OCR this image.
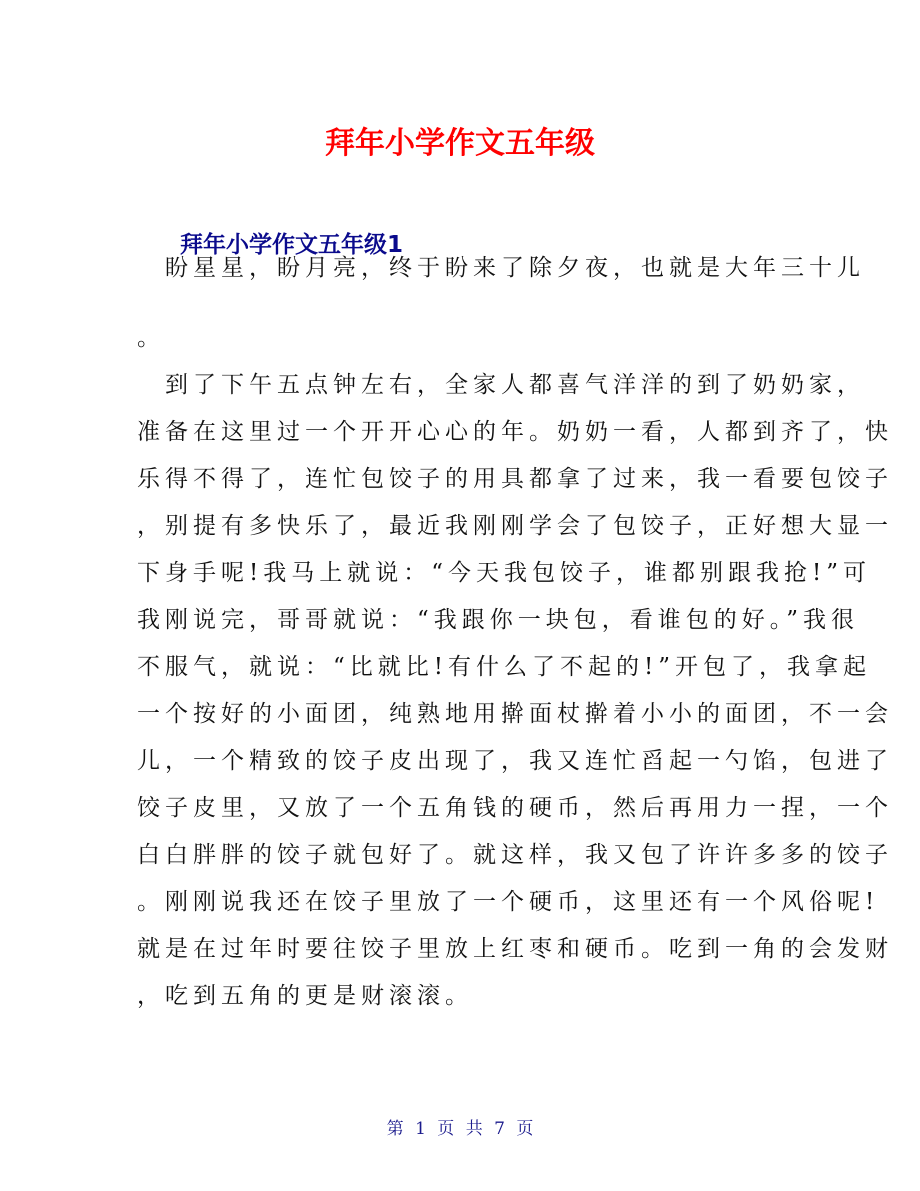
拜年小学作文五年级
拜年小学作文五年级1
　盼星星，盼月亮，终于盼来了除夕夜，也就是大年三十儿
。
　到了下午五点钟左右，全家人都喜气洋洋的到了奶奶家，
准备在这里过一个开开心心的年。奶奶一看，人都到齐了，快
乐得不得了，连忙包饺子的用具都拿了过来，我一看要包饺子
，别提有多快乐了，最近我刚刚学会了包饺子，正好想大显一
下身手呢!我马上就说：“今天我包饺子，谁都别跟我抢!”可
我刚说完，哥哥就说：“我跟你一块包，看谁包的好。”我很
不服气，就说：“比就比!有什么了不起的!”开包了，我拿起
一个按好的小面团，纯熟地用擀面杖擀着小小的面团，不一会
儿，一个精致的饺子皮出现了，我又连忙舀起一勺馅，包进了
饺子皮里，又放了一个五角钱的硬币，然后再用力一捏，一个
白白胖胖的饺子就包好了。就这样，我又包了许许多多的饺子
。刚刚说我还在饺子里放了一个硬币，这里还有一个风俗呢!
就是在过年时要往饺子里放上红枣和硬币。吃到一角的会发财
，吃到五角的更是财滚滚。
第 1 页 共 7 页
